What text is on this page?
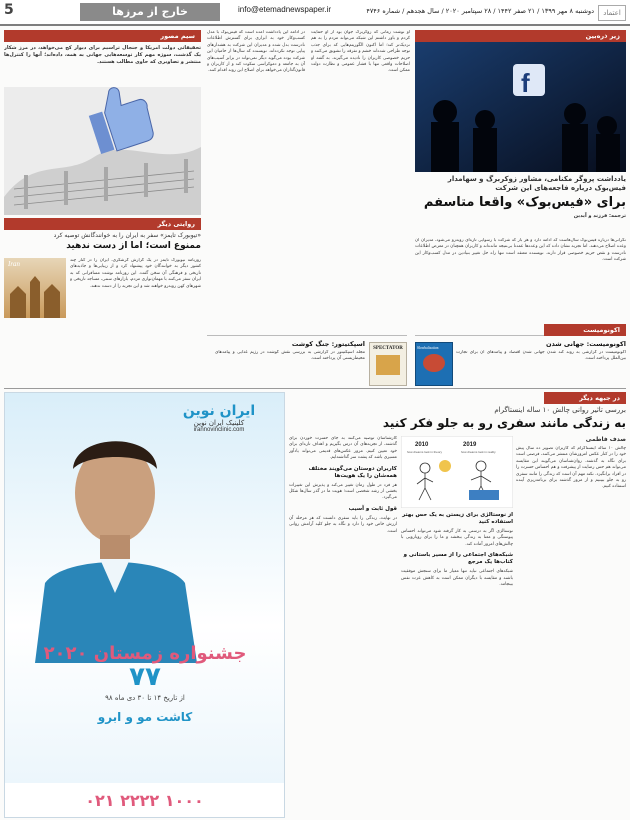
5	خارج از مرزها	info@etemadnewspaper.ir	دوشنبه ۸ مهر ۱۳۹۹ / ۲۱ صفر ۱۴۴۲ / ۲۸ سپتامبر ۲۰۲۰ / سال هجدهم / شماره ۴۷۴۶	اعتماد
سیم مصور
تحقیقاتی دولت امریکا و جنجال تراسیم برای دیوار کج می‌خواهد، در مرز شکار یک گذشت، سوژه‌ مهم کار توسعه‌هایی جهانی به همه، داده‌اند؛ آنها را کنترل‌ها منتشر و تصاویری که حاوی مطالب هستند.
روایتی دیگر
«تیوبورک تایمز» سفر به ایران را به خوانندگانش توصیه کرد
ممنوع است؛ اما از دست ندهید
Iran	روزنامه نیویورک تایمز در یک گزارش گرشگری، ایران را در کنار چند کشور دیگر به خوانندگان خود پیشنهاد کرد و از زیبایی‌ها و جاذبه‌های تاریخی و فرهنگی آن سخن گفت. این روزنامه نوشت مسافرانی که به ایران سفر می‌کنند با مهمان‌نوازی مردم، بازارهای سنتی، مساجد تاریخی و شهرهای کهن روبه‌رو خواهند شد و این تجربه را از دست ندهند.
در ادامه این یادداشت آمده است که فیس‌بوک با مدل کسب‌وکار خود به ابزاری برای گسترش اطلاعات نادرست بدل شده و مدیران این شرکت به هشدارهای پیاپی توجه نکرده‌اند. نویسنده که سال‌ها از حامیان این شرکت بوده می‌گوید دیگر نمی‌تواند در برابر آسیب‌های آن به جامعه و دموکراسی سکوت کند و از کاربران و قانون‌گذاران می‌خواهد برای اصلاح این روند اقدام کنند.
او نوشت زمانی که زوکربرگ جوان بود از او حمایت کردم و باور داشتم این شبکه می‌تواند مردم را به هم نزدیک‌تر کند؛ اما اکنون الگوریتم‌هایی که برای جذب توجه طراحی شده‌اند خشم و تفرقه را تشویق می‌کنند و حریم خصوصی کاربران را نادیده می‌گیرند. به گفته او اصلاحات واقعی تنها با فشار عمومی و نظارت دولت ممکن است.
زیر ذره‌بین
f
یادداشت پروگر مکنامی، مشاور زوکربرگ و سهامدار فیس‌بوک درباره فاجعه‌های این شرکت
برای «فیس‌بوک» واقعا متاسفم
ترجمه: فرزند و آیدین
نگرانی‌ها درباره فیس‌بوک سال‌هاست که ادامه دارد و هر بار که شرکت با رسوایی تازه‌ای روبه‌رو می‌شود، مدیران آن وعده اصلاح می‌دهند. اما تجربه نشان داده که این وعده‌ها عمدتا بی‌نتیجه مانده‌اند و کاربران همچنان در معرض اطلاعات نادرست و نقض حریم خصوصی قرار دارند. نویسنده معتقد است تنها راه حل تغییر بنیادین در مدل کسب‌وکار این شرکت است.
SPECTATOR
اسپکتیتور: جنگ کوشت
مجله اسپکتیتور در گزارشی به بررسی نقش گوشت در رژیم غذایی و پیامدهای محیط‌زیستی آن پرداخته است.
اکونومیست
Slowbalisation	اکونومیست: جهانی شدن
اکونومیست در گزارشی به روند کند شدن جهانی شدن اقتصاد و پیامدهای آن برای تجارت بین‌الملل پرداخته است.
ایران نوین
کلینیک ایران نوین
irannovinclinic.com
جشنواره زمستان ۲۰۲۰
۷۷
از تاریخ ۱۴ تا ۳۰ دی ماه ۹۸
کاشت مو و ابرو
۰۲۱ ۲۲۲۲ ۱۰۰۰
در جبهه دیگر
بررسی تاثیر روانی چالش ۱۰ ساله اینستاگرام
به زندگی مانند سفری رو به جلو فکر کنید
صدف فاطمی
چالش ۱۰ ساله اینستاگرام که کاربران تصویر ده سال پیش خود را در کنار عکس امروزشان منتشر می‌کنند، فرصتی است برای نگاه به گذشته. روان‌شناسان می‌گویند این مقایسه می‌تواند هم حس رضایت از پیشرفت و هم احساس حسرت را در افراد برانگیزد. نکته مهم آن است که زندگی را مانند سفری رو به جلو ببینیم و از مرور گذشته برای برنامه‌ریزی آینده استفاده کنیم.
2010	2019
how dreams look in theory	how dreams look in reality
از نوستالژی برای زیستن به یک حس بهتر استفاده کنید
نوستالژی اگر به درستی به کار گرفته شود می‌تواند احساس پیوستگی و معنا به زندگی ببخشد و ما را برای رویارویی با چالش‌های امروز آماده کند.
شبکه‌های اجتماعی را از مسیر باستانی و کتاب‌ها یک مرجع
شبکه‌های اجتماعی نباید تنها معیار ما برای سنجش موفقیت باشند و مقایسه با دیگران ممکن است به کاهش عزت نفس بینجامد.
کارشناسان توصیه می‌کنند به جای حسرت خوردن برای گذشته، از تجربه‌های آن درس بگیریم و اهداف تازه‌ای برای خود تعیین کنیم. مرور عکس‌های قدیمی می‌تواند یادآور مسیری باشد که پشت سر گذاشته‌ایم.
کاربران دوستان می‌گویند مختلف همه‌شان را یک هویت‌ها
هر فرد در طول زمان تغییر می‌کند و پذیرش این تغییرات بخشی از رشد شخصی است؛ هویت ما در گذر سال‌ها شکل می‌گیرد.
قول ثابت و آسیب
در نهایت، زندگی را باید سفری دانست که هر مرحله آن ارزش خاص خود را دارد و نگاه به جلو کلید آرامش روانی است.
